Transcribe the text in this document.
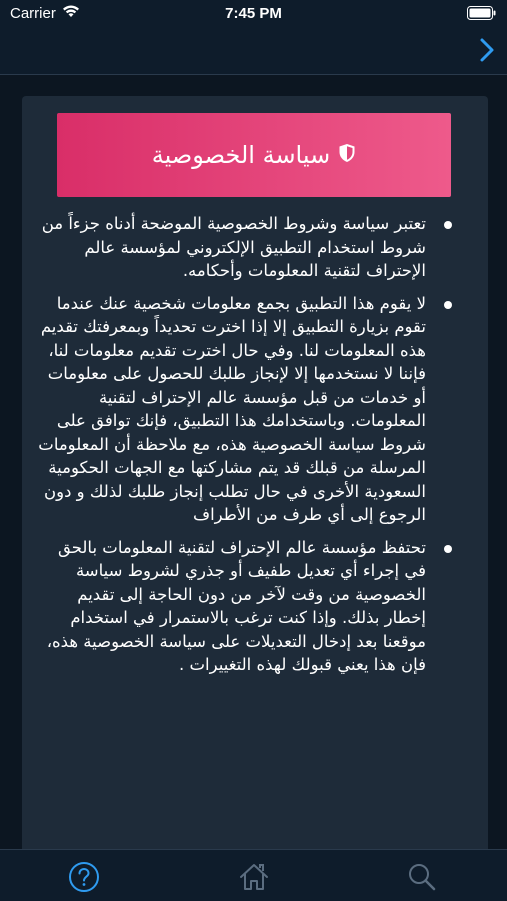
Carrier	7:45 PM
سياسة الخصوصية
تعتبر سياسة وشروط الخصوصية الموضحة أدناه جزءاً من شروط استخدام التطبيق الإلكتروني لمؤسسة عالم الإحتراف لتقنية المعلومات وأحكامه.
لا يقوم هذا التطبيق بجمع معلومات شخصية عنك عندما تقوم بزيارة التطبيق إلا إذا اخترت تحديداً وبمعرفتك تقديم هذه المعلومات لنا. وفي حال اخترت تقديم معلومات لنا، فإننا لا نستخدمها إلا لإنجاز طلبك للحصول على معلومات أو خدمات من قبل مؤسسة عالم الإحتراف لتقنية المعلومات. وباستخدامك هذا التطبيق، فإنك توافق على شروط سياسة الخصوصية هذه، مع ملاحظة أن المعلومات المرسلة من قبلك قد يتم مشاركتها مع الجهات الحكومية السعودية الأخرى في حال تطلب إنجاز طلبك لذلك و دون الرجوع إلى أي طرف من الأطراف
تحتفظ مؤسسة عالم الإحتراف لتقنية المعلومات بالحق في إجراء أي تعديل طفيف أو جذري لشروط سياسة الخصوصية من وقت لآخر من دون الحاجة إلى تقديم إخطار بذلك. وإذا كنت ترغب بالاستمرار في استخدام موقعنا بعد إدخال التعديلات على سياسة الخصوصية هذه، فإن هذا يعني قبولك لهذه التغييرات .
